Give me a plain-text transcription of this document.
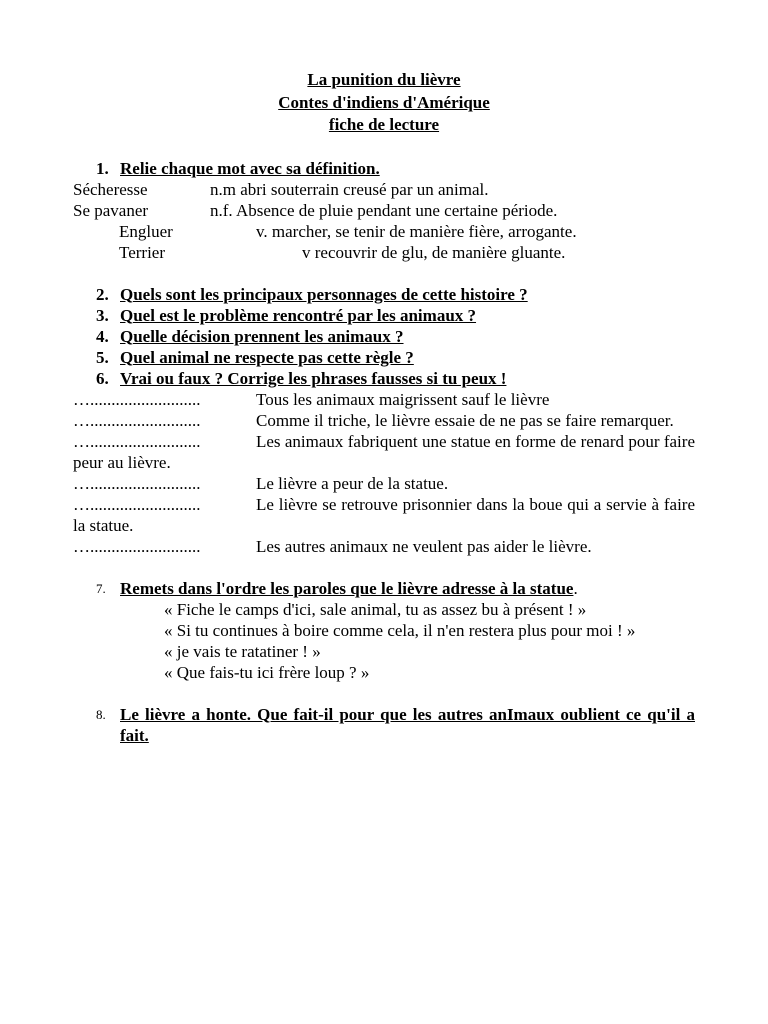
La punition du lièvre
Contes d'indiens d'Amérique
fiche de lecture
1. Relie chaque mot avec sa définition.
Sécheresse	n.m abri souterrain creusé par un animal.
Se pavaner	n.f. Absence de pluie pendant une certaine période.
Engluer	v. marcher, se tenir de manière fière, arrogante.
Terrier	v recouvrir de glu, de manière gluante.
2. Quels sont les principaux personnages de cette histoire ?
3. Quel est le problème rencontré par les animaux ?
4. Quelle décision prennent les animaux ?
5. Quel animal ne respecte pas cette règle ?
6. Vrai ou faux ? Corrige les phrases fausses si tu peux !
…..........................	Tous les animaux maigrissent sauf le lièvre
…..........................	Comme il triche, le lièvre essaie de ne pas se faire remarquer.
…..........................	Les animaux fabriquent une statue en forme de renard pour faire peur au lièvre.
…..........................	Le lièvre a peur de la statue.
…..........................	Le lièvre se retrouve prisonnier dans la boue qui a servie à faire la statue.
…..........................	Les autres animaux ne veulent pas aider le lièvre.
7. Remets dans l'ordre les paroles que le lièvre adresse à la statue.
« Fiche le camps d'ici, sale animal, tu as assez bu à présent ! »
« Si tu continues à boire comme cela, il n'en restera plus pour moi ! »
« je vais te ratatiner ! »
« Que fais-tu ici frère loup ? »
8. Le lièvre a honte. Que fait-il pour que les autres anImaux oublient ce qu'il a fait.
